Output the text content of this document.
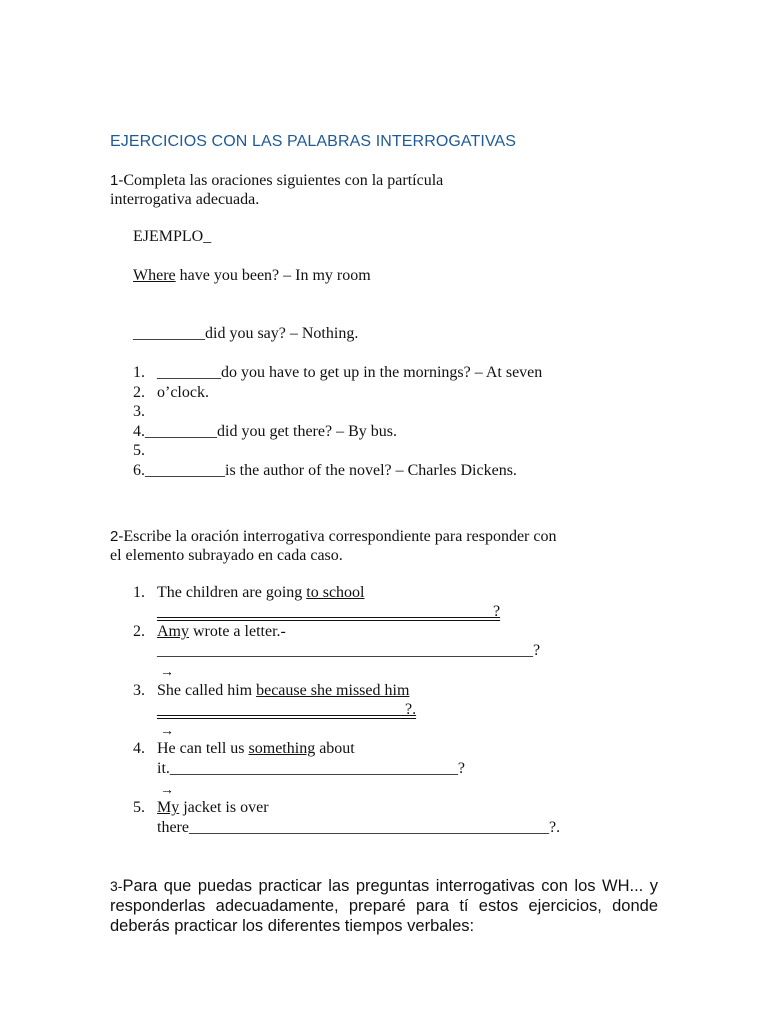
EJERCICIOS CON LAS PALABRAS INTERROGATIVAS
1-Completa las oraciones siguientes con la partícula
interrogativa adecuada.
EJEMPLO_
Where have you been? – In my room
_________did you say? – Nothing.
1. ________do you have to get up in the mornings? – At seven
2. o’clock.
3.
4._________did you get there? – By bus.
5.
6.__________is the author of the novel? – Charles Dickens.
2-Escribe la oración interrogativa correspondiente para responder con
el elemento subrayado en cada caso.
1. The children are going to school
__________________________________________?
2. Amy wrote a letter.-
_______________________________________________?
→
3. She called him because she missed him
_______________________________?.
→
4. He can tell us something about
it.____________________________________?
→
5. My jacket is over
there_____________________________________________?.
3-Para que puedas practicar las preguntas interrogativas con los WH... y responderlas adecuadamente, preparé para tí estos ejercicios, donde deberás practicar los diferentes tiempos verbales:
